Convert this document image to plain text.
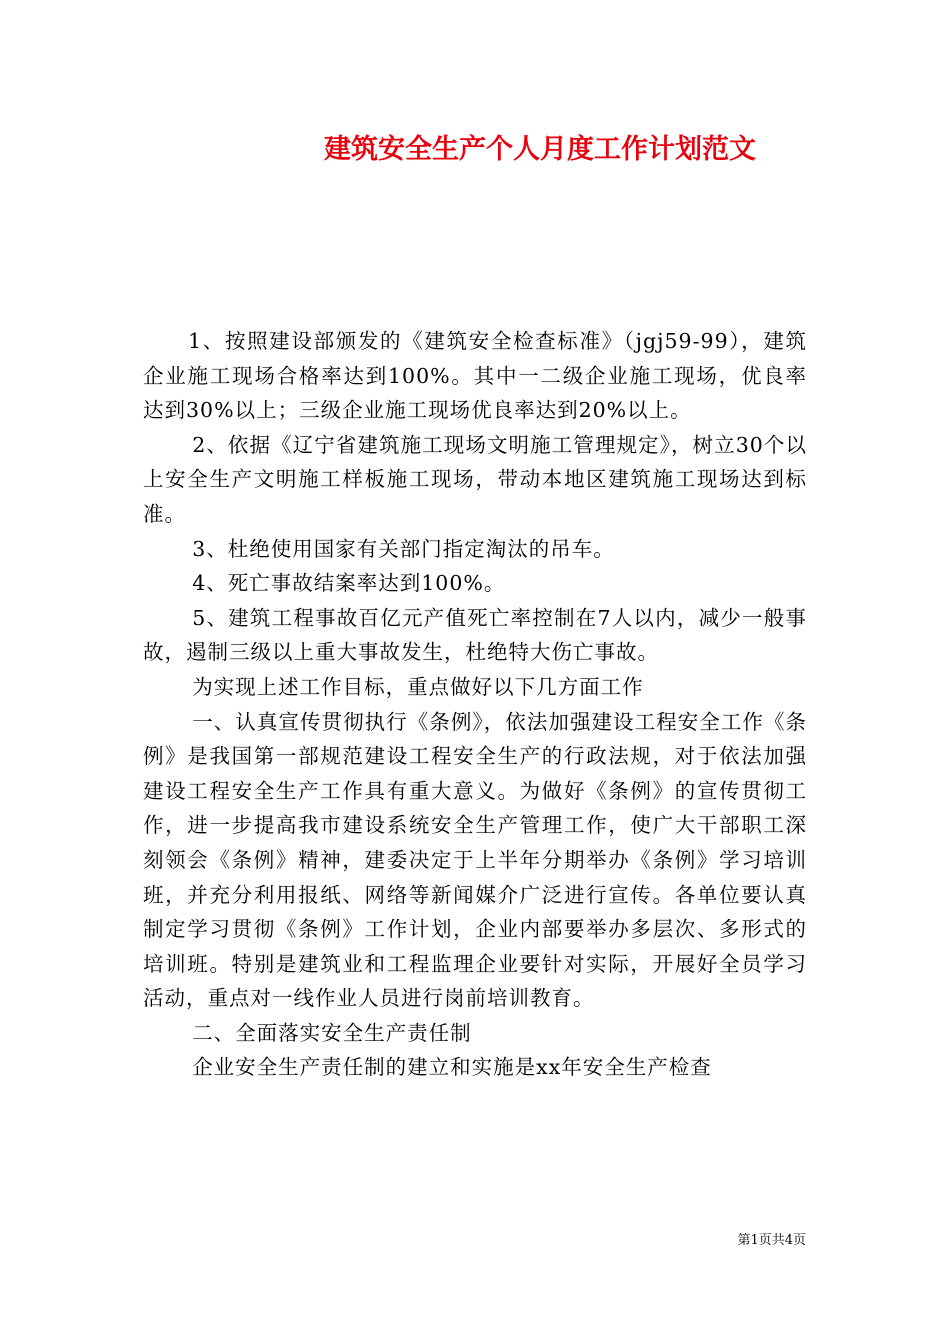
建筑安全生产个人月度工作计划范文

1、按照建设部颁发的《建筑安全检查标准》（jgj59-99），建筑企业施工现场合格率达到100%。其中一二级企业施工现场，优良率达到30%以上；三级企业施工现场优良率达到20%以上。

2、依据《辽宁省建筑施工现场文明施工管理规定》，树立30个以上安全生产文明施工样板施工现场，带动本地区建筑施工现场达到标准。

3、杜绝使用国家有关部门指定淘汰的吊车。

4、死亡事故结案率达到100%。

5、建筑工程事故百亿元产值死亡率控制在7人以内，减少一般事故，遏制三级以上重大事故发生，杜绝特大伤亡事故。

为实现上述工作目标，重点做好以下几方面工作

一、认真宣传贯彻执行《条例》，依法加强建设工程安全工作《条例》是我国第一部规范建设工程安全生产的行政法规，对于依法加强建设工程安全生产工作具有重大意义。为做好《条例》的宣传贯彻工作，进一步提高我市建设系统安全生产管理工作，使广大干部职工深刻领会《条例》精神，建委决定于上半年分期举办《条例》学习培训班，并充分利用报纸、网络等新闻媒介广泛进行宣传。各单位要认真制定学习贯彻《条例》工作计划，企业内部要举办多层次、多形式的培训班。特别是建筑业和工程监理企业要针对实际，开展好全员学习活动，重点对一线作业人员进行岗前培训教育。

二、全面落实安全生产责任制

企业安全生产责任制的建立和实施是xx年安全生产检查

第1页共4页
